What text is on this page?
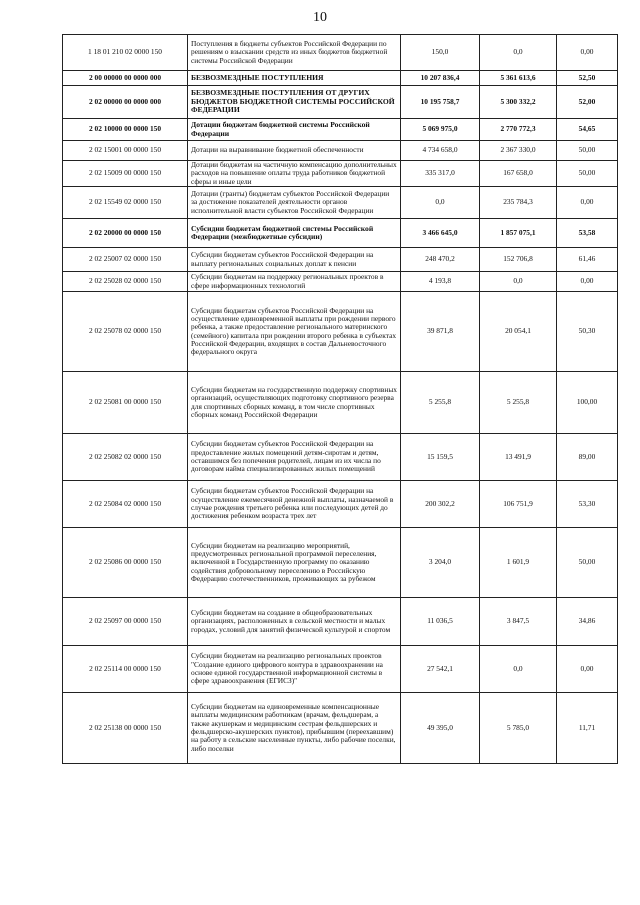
10
1 18 01 210 02 0000 150	Поступления в бюджеты субъектов Российской Федерации по решениям о взыскании средств из иных бюджетов бюджетной системы Российской Федерации	150,0	0,0	0,00
2 00 00000 00 0000 000	БЕЗВОЗМЕЗДНЫЕ ПОСТУПЛЕНИЯ	10 207 836,4	5 361 613,6	52,50
2 02 00000 00 0000 000	БЕЗВОЗМЕЗДНЫЕ ПОСТУПЛЕНИЯ ОТ ДРУГИХ БЮДЖЕТОВ БЮДЖЕТНОЙ СИСТЕМЫ РОССИЙСКОЙ ФЕДЕРАЦИИ	10 195 758,7	5 300 332,2	52,00
2 02 10000 00 0000 150	Дотации бюджетам бюджетной системы Российской Федерации	5 069 975,0	2 770 772,3	54,65
2 02 15001 00 0000 150	Дотации на выравнивание бюджетной обеспеченности	4 734 658,0	2 367 330,0	50,00
2 02 15009 00 0000 150	Дотации бюджетам на частичную компенсацию дополнительных расходов на повышение оплаты труда работников бюджетной сферы и иные цели	335 317,0	167 658,0	50,00
2 02 15549 02 0000 150	Дотации (гранты) бюджетам субъектов Российской Федерации за достижение показателей деятельности органов исполнительной власти субъектов Российской Федерации	0,0	235 784,3	0,00
2 02 20000 00 0000 150	Субсидии бюджетам бюджетной системы Российской Федерации (межбюджетные субсидии)	3 466 645,0	1 857 075,1	53,58
2 02 25007 02 0000 150	Субсидии бюджетам субъектов Российской Федерации на выплату региональных социальных доплат к пенсии	248 470,2	152 706,8	61,46
2 02 25028 02 0000 150	Субсидии бюджетам на поддержку региональных проектов в сфере информационных технологий	4 193,8	0,0	0,00
2 02 25078 02 0000 150	Субсидии бюджетам субъектов Российской Федерации на осуществление единовременной выплаты при рождении первого ребенка, а также предоставление регионального материнского (семейного) капитала при рождении второго ребенка в субъектах Российской Федерации, входящих в состав Дальневосточного федерального округа	39 871,8	20 054,1	50,30
2 02 25081 00 0000 150	Субсидии бюджетам на государственную поддержку спортивных организаций, осуществляющих подготовку спортивного резерва для спортивных сборных команд, в том числе спортивных сборных команд Российской Федерации	5 255,8	5 255,8	100,00
2 02 25082 02 0000 150	Субсидии бюджетам субъектов Российской Федерации на предоставление жилых помещений детям-сиротам и детям, оставшимся без попечения родителей, лицам из их числа по договорам найма специализированных жилых помещений	15 159,5	13 491,9	89,00
2 02 25084 02 0000 150	Субсидии бюджетам субъектов Российской Федерации на осуществление ежемесячной денежной выплаты, назначаемой в случае рождения третьего ребенка или последующих детей до достижения ребенком возраста трех лет	200 302,2	106 751,9	53,30
2 02 25086 00 0000 150	Субсидии бюджетам на реализацию мероприятий, предусмотренных региональной программой переселения, включенной в Государственную программу по оказанию содействия добровольному переселению в Российскую Федерацию соотечественников, проживающих за рубежом	3 204,0	1 601,9	50,00
2 02 25097 00 0000 150	Субсидии бюджетам на создание в общеобразовательных организациях, расположенных в сельской местности и малых городах, условий для занятий физической культурой и спортом	11 036,5	3 847,5	34,86
2 02 25114 00 0000 150	Субсидии бюджетам на реализацию региональных проектов "Создание единого цифрового контура в здравоохранении на основе единой государственной информационной системы в сфере здравоохранения (ЕГИСЗ)"	27 542,1	0,0	0,00
2 02 25138 00 0000 150	Субсидии бюджетам на единовременные компенсационные выплаты медицинским работникам (врачам, фельдшерам, а также акушеркам и медицинским сестрам фельдшерских и фельдшерско-акушерских пунктов), прибывшим (переехавшим) на работу в сельские населенные пункты, либо рабочие поселки, либо поселки	49 395,0	5 785,0	11,71
